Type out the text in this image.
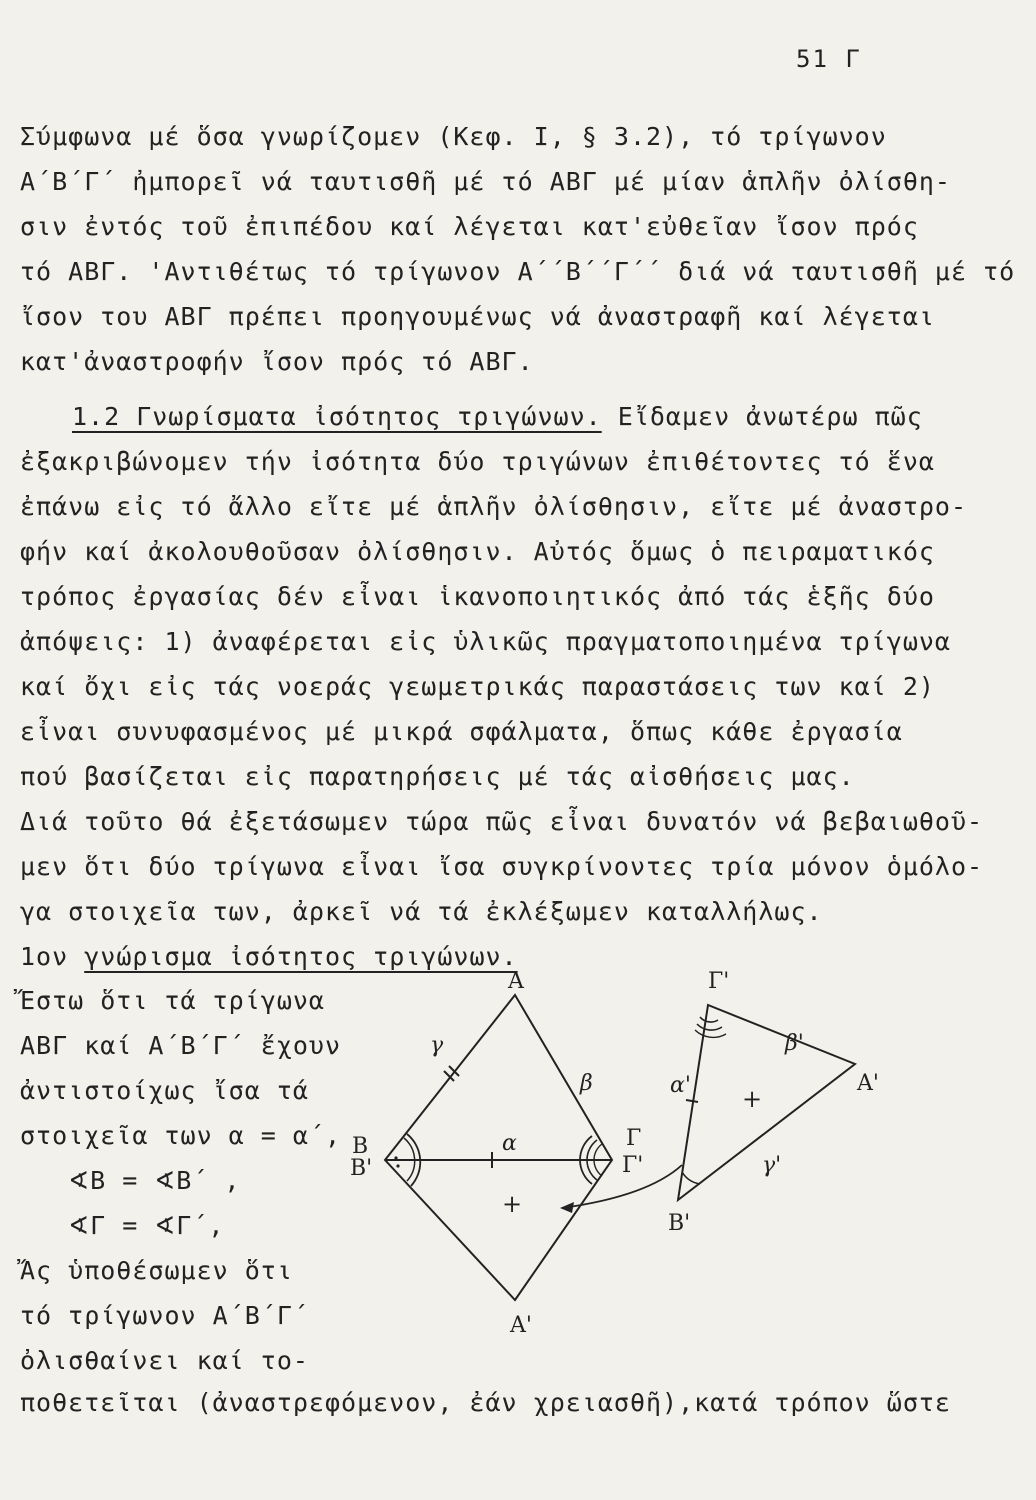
51 Γ
Σύμφωνα μέ ὅσα γνωρίζομεν (Κεφ. Ι, § 3.2), τό τρίγωνον
Α΄Β΄Γ΄ ἠμπορεῖ νά ταυτισθῆ μέ τό ΑΒΓ μέ μίαν ἁπλῆν ὀλίσθη-
σιν ἐντός τοῦ ἐπιπέδου καί λέγεται κατ'εὐθεῖαν ἴσον πρός
τό ΑΒΓ. 'Αντιθέτως τό τρίγωνον Α΄΄Β΄΄Γ΄΄ διά νά ταυτισθῆ μέ τό
ἴσον του ΑΒΓ πρέπει προηγουμένως νά ἀναστραφῆ καί λέγεται
κατ'ἀναστροφήν ἴσον πρός τό ΑΒΓ.
1.2 Γνωρίσματα ἰσότητος τριγώνων. Εἴδαμεν ἀνωτέρω πῶς
ἐξακριβώνομεν τήν ἰσότητα δύο τριγώνων ἐπιθέτοντες τό ἕνα
ἐπάνω εἰς τό ἄλλο εἴτε μέ ἁπλῆν ὀλίσθησιν, εἴτε μέ ἀναστρο-
φήν καί ἀκολουθοῦσαν ὀλίσθησιν. Αὐτός ὅμως ὁ πειραματικός
τρόπος ἐργασίας δέν εἶναι ἱκανοποιητικός ἀπό τάς ἑξῆς δύο
ἀπόψεις: 1) ἀναφέρεται εἰς ὑλικῶς πραγματοποιημένα τρίγωνα
καί ὄχι εἰς τάς νοεράς γεωμετρικάς παραστάσεις των καί 2)
εἶναι συνυφασμένος μέ μικρά σφάλματα, ὅπως κάθε ἐργασία
πού βασίζεται εἰς παρατηρήσεις μέ τάς αἰσθήσεις μας.
Διά τοῦτο θά ἐξετάσωμεν τώρα πῶς εἶναι δυνατόν νά βεβαιωθοῦ-
μεν ὅτι δύο τρίγωνα εἶναι ἴσα συγκρίνοντες τρία μόνον ὁμόλο-
γα στοιχεῖα των, ἀρκεῖ νά τά ἐκλέξωμεν καταλλήλως.
1ον γνώρισμα ἰσότητος τριγώνων.
Ἔστω ὅτι τά τρίγωνα
ΑΒΓ καί Α΄Β΄Γ΄ ἔχουν
ἀντιστοίχως ἴσα τά
στοιχεῖα των α = α΄,
∢Β = ∢Β΄ ,
∢Γ = ∢Γ΄,
Ἄς ὑποθέσωμεν ὅτι
τό τρίγωνον Α΄Β΄Γ΄
ὀλισθαίνει καί το-
A
B
B'
Γ
Γ'
A'
γ
β
α
+
Γ'
A'
B'
α'
β'
γ'
+
ποθετεῖται (ἀναστρεφόμενον, ἐάν χρειασθῆ),κατά τρόπον ὥστε
